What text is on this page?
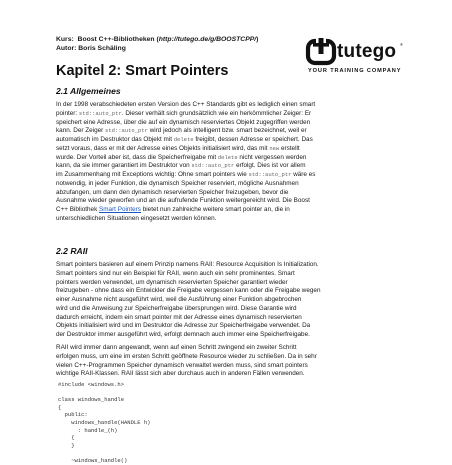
Kurs: Boost C++-Bibliotheken (http://tutego.de/g/BOOSTCPP/)
Autor: Boris Schäling	tutego ®
YOUR TRAINING COMPANY
Kapitel 2: Smart Pointers
2.1 Allgemeines
In der 1998 verabschiedeten ersten Version des C++ Standards gibt es lediglich einen smart
pointer: std::auto_ptr. Dieser verhält sich grundsätzlich wie ein herkömmlicher Zeiger: Er
speichert eine Adresse, über die auf ein dynamisch reserviertes Objekt zugegriffen werden
kann. Der Zeiger std::auto_ptr wird jedoch als intelligent bzw. smart bezeichnet, weil er
automatisch im Destruktor das Objekt mit delete freigibt, dessen Adresse er speichert. Das
setzt voraus, dass er mit der Adresse eines Objekts initialisiert wird, das mit new erstellt
wurde. Der Vorteil aber ist, dass die Speicherfreigabe mit delete nicht vergessen werden
kann, da sie immer garantiert im Destruktor von std::auto_ptr erfolgt. Dies ist vor allem
im Zusammenhang mit Exceptions wichtig: Ohne smart pointers wie std::auto_ptr wäre es
notwendig, in jeder Funktion, die dynamisch Speicher reserviert, mögliche Ausnahmen
abzufangen, um dann den dynamisch reservierten Speicher freizugeben, bevor die
Ausnahme wieder geworfen und an die aufrufende Funktion weitergereicht wird. Die Boost
C++ Bibliothek Smart Pointers bietet nun zahlreiche weitere smart pointer an, die in
unterschiedlichen Situationen eingesetzt werden können.
2.2 RAII
Smart pointers basieren auf einem Prinzip namens RAII: Resource Acquisition Is Initialization.
Smart pointers sind nur ein Beispiel für RAII, wenn auch ein sehr prominentes. Smart
pointers werden verwendet, um dynamisch reservierten Speicher garantiert wieder
freizugeben - ohne dass ein Entwickler die Freigabe vergessen kann oder die Freigabe wegen
einer Ausnahme nicht ausgeführt wird, weil die Ausführung einer Funktion abgebrochen
wird und die Anweisung zur Speicherfreigabe übersprungen wird. Diese Garantie wird
dadurch erreicht, indem ein smart pointer mit der Adresse eines dynamisch reservierten
Objekts initialisiert wird und im Destruktor die Adresse zur Speicherfreigabe verwendet. Da
der Destruktor immer ausgeführt wird, erfolgt demnach auch immer eine Speicherfreigabe.
RAII wird immer dann angewandt, wenn auf einen Schritt zwingend ein zweiter Schritt
erfolgen muss, um eine im ersten Schritt geöffnete Resource wieder zu schließen. Da in sehr
vielen C++-Programmen Speicher dynamisch verwaltet werden muss, sind smart pointers
wichtige RAII-Klassen. RAII lässt sich aber durchaus auch in anderen Fällen verwenden.
#include <windows.h>
class windows_handle
{
public:
windows_handle(HANDLE h)
: handle_(h)
{
}
~windows_handle()
